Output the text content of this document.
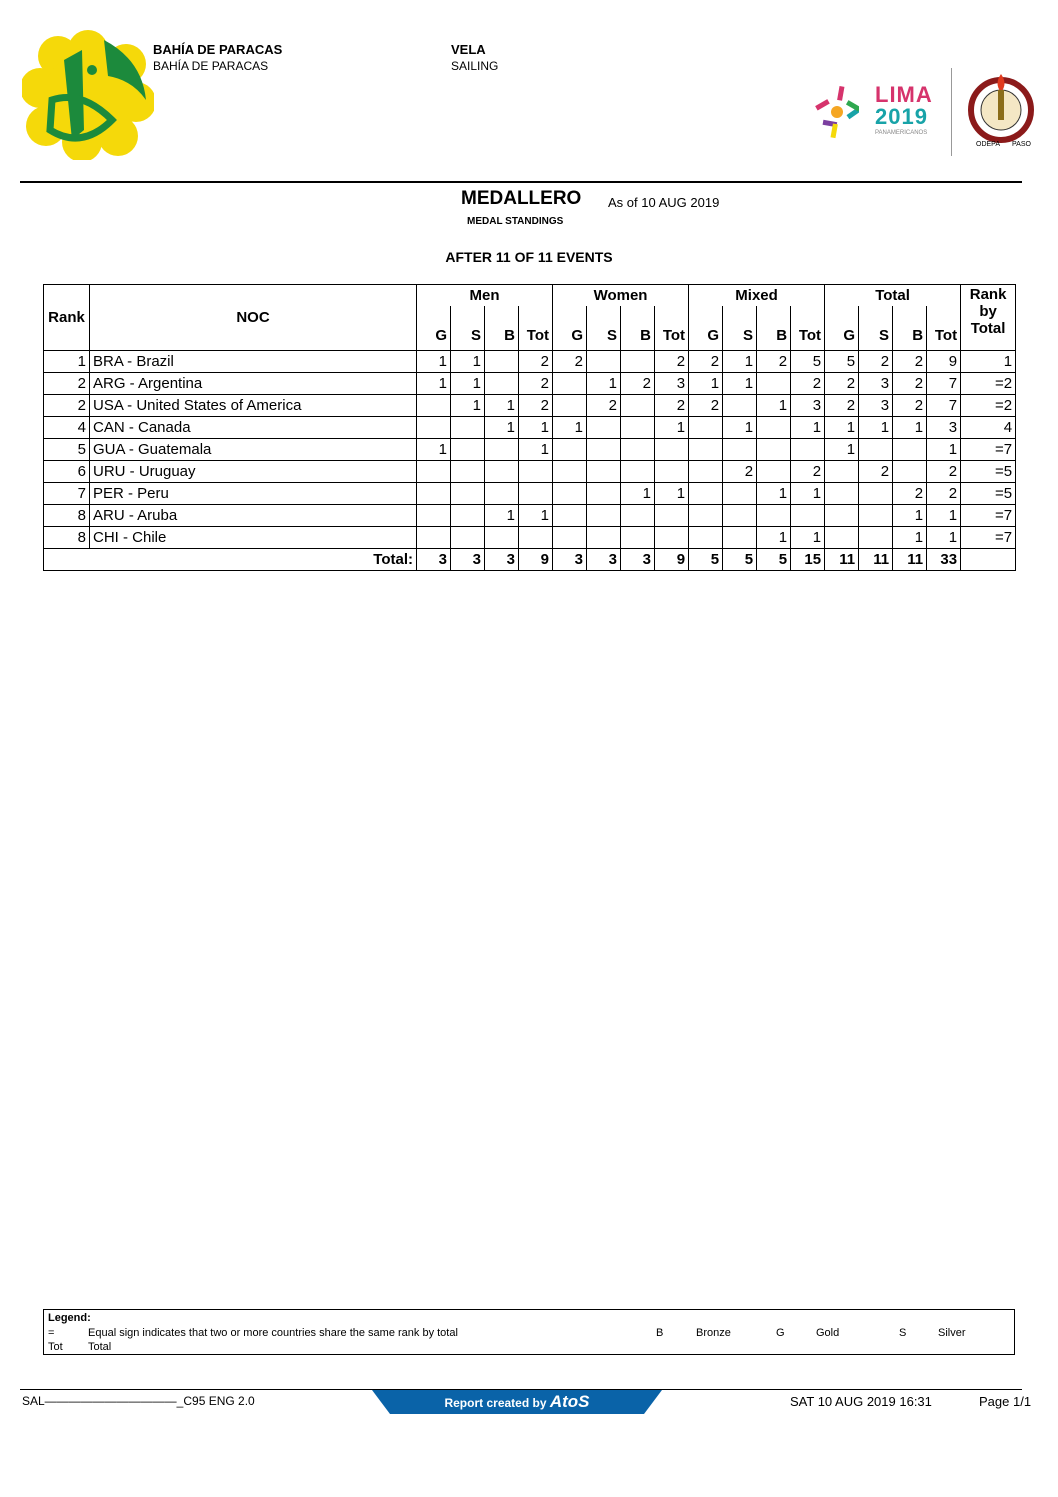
BAHÍA DE PARACAS
BAHÍA DE PARACAS
VELA
SAILING
LIMA
2019
PANAMERICANOS
ODEPA PASO
MEDALLERO As of 10 AUG 2019
MEDAL STANDINGS
AFTER 11 OF 11 EVENTS
Rank	NOC	Men				Women				Mixed				Total				Rank by Total
		G	S	B	Tot	G	S	B	Tot	G	S	B	Tot	G	S	B	Tot	
1	BRA - Brazil	1	1		2	2			2	2	1	2	5	5	2	2	9	1
2	ARG - Argentina	1	1		2		1	2	3	1	1		2	2	3	2	7	=2
2	USA - United States of America		1	1	2		2		2	2		1	3	2	3	2	7	=2
4	CAN - Canada			1	1	1			1		1		1	1	1	1	3	4
5	GUA - Guatemala	1			1									1			1	=7
6	URU - Uruguay										2		2		2		2	=5
7	PER - Peru							1	1			1	1			2	2	=5
8	ARU - Aruba			1	1											1	1	=7
8	CHI - Chile											1	1			1	1	=7
Total:		3	3	3	9	3	3	3	9	5	5	5	15	11	11	11	33	
Legend:
=	Equal sign indicates that two or more countries share the same rank by total
Tot Total
B	Bronze	G	Gold	S	Silver
SAL———————————_C95 ENG 2.0	Report created by AtoS	SAT 10 AUG 2019 16:31	Page 1/1
